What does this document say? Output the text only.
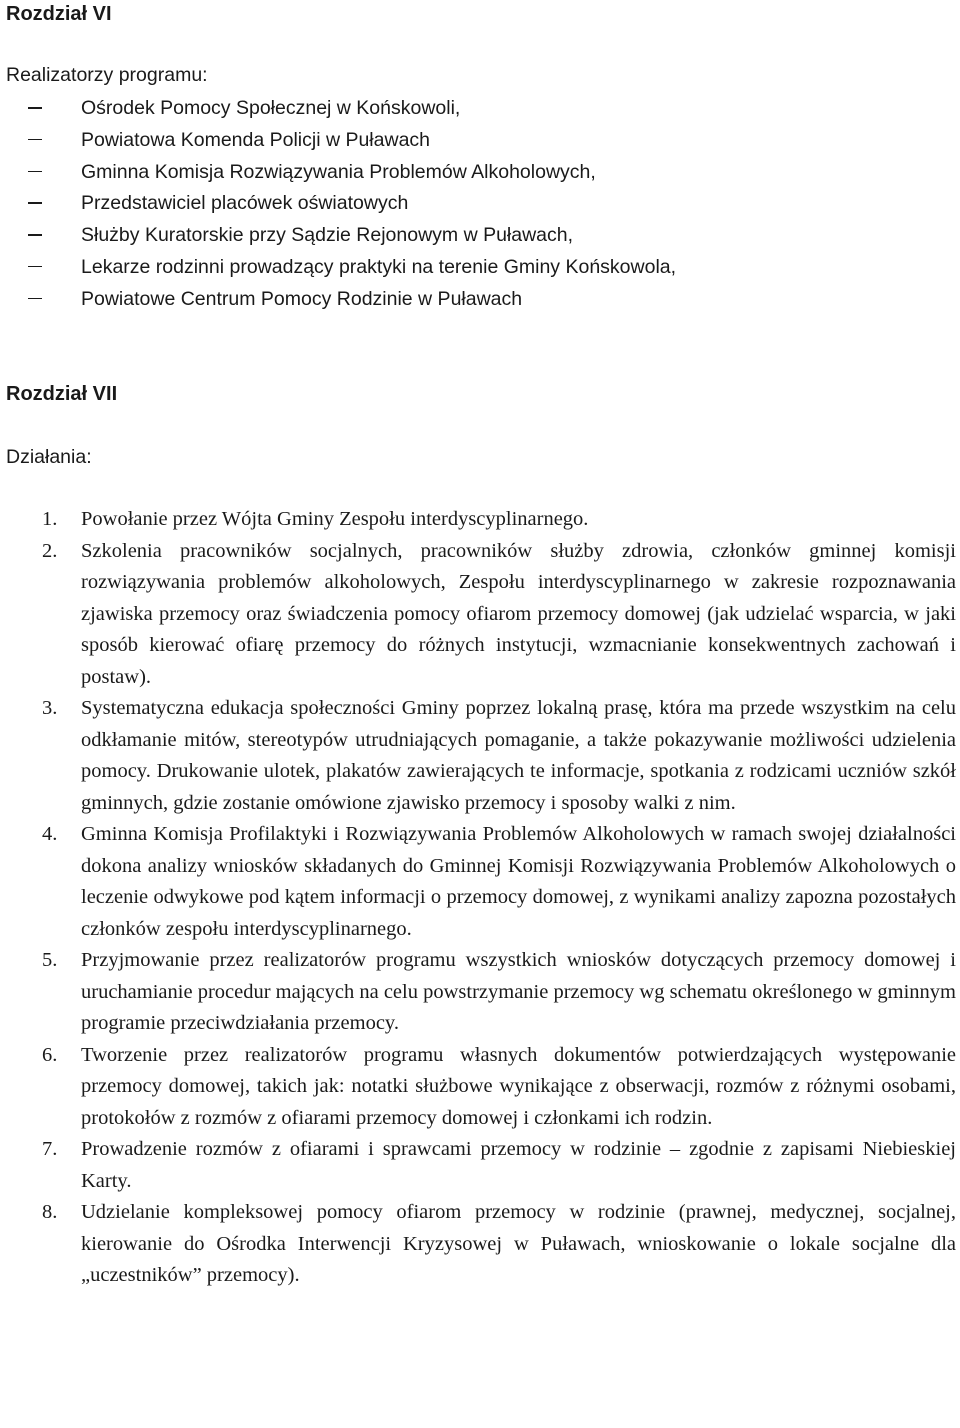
Rozdział VI
Realizatorzy programu:
Ośrodek Pomocy Społecznej w Końskowoli,
Powiatowa Komenda Policji w Puławach
Gminna Komisja Rozwiązywania Problemów Alkoholowych,
Przedstawiciel placówek oświatowych
Służby Kuratorskie przy Sądzie Rejonowym w Puławach,
Lekarze rodzinni prowadzący praktyki na terenie Gminy Końskowola,
Powiatowe Centrum Pomocy Rodzinie w Puławach
Rozdział VII
Działania:
1. Powołanie przez Wójta Gminy Zespołu interdyscyplinarnego.
2. Szkolenia pracowników socjalnych, pracowników służby zdrowia, członków gminnej komisji rozwiązywania problemów alkoholowych, Zespołu interdyscyplinarnego w zakresie rozpoznawania zjawiska przemocy oraz świadczenia pomocy ofiarom przemocy domowej (jak udzielać wsparcia, w jaki sposób kierować ofiarę przemocy do różnych instytucji, wzmacnianie konsekwentnych zachowań i postaw).
3. Systematyczna edukacja społeczności Gminy poprzez lokalną prasę, która ma przede wszystkim na celu odkłamanie mitów, stereotypów utrudniających pomaganie, a także pokazywanie możliwości udzielenia pomocy. Drukowanie ulotek, plakatów zawierających te informacje, spotkania z rodzicami uczniów szkół gminnych, gdzie zostanie omówione zjawisko przemocy i sposoby walki z nim.
4. Gminna Komisja Profilaktyki i Rozwiązywania Problemów Alkoholowych w ramach swojej działalności dokona analizy wniosków składanych do Gminnej Komisji Rozwiązywania Problemów Alkoholowych o leczenie odwykowe pod kątem informacji o przemocy domowej, z wynikami analizy zapozna pozostałych członków zespołu interdyscyplinarnego.
5. Przyjmowanie przez realizatorów programu wszystkich wniosków dotyczących przemocy domowej i uruchamianie procedur mających na celu powstrzymanie przemocy wg schematu określonego w gminnym programie przeciwdziałania przemocy.
6. Tworzenie przez realizatorów programu własnych dokumentów potwierdzających występowanie przemocy domowej, takich jak: notatki służbowe wynikające z obserwacji, rozmów z różnymi osobami, protokołów z rozmów z ofiarami przemocy domowej i członkami ich rodzin.
7. Prowadzenie rozmów z ofiarami i sprawcami przemocy w rodzinie – zgodnie z zapisami Niebieskiej Karty.
8. Udzielanie kompleksowej pomocy ofiarom przemocy w rodzinie (prawnej, medycznej, socjalnej, kierowanie do Ośrodka Interwencji Kryzysowej w Puławach, wnioskowanie o lokale socjalne dla „uczestników” przemocy).
